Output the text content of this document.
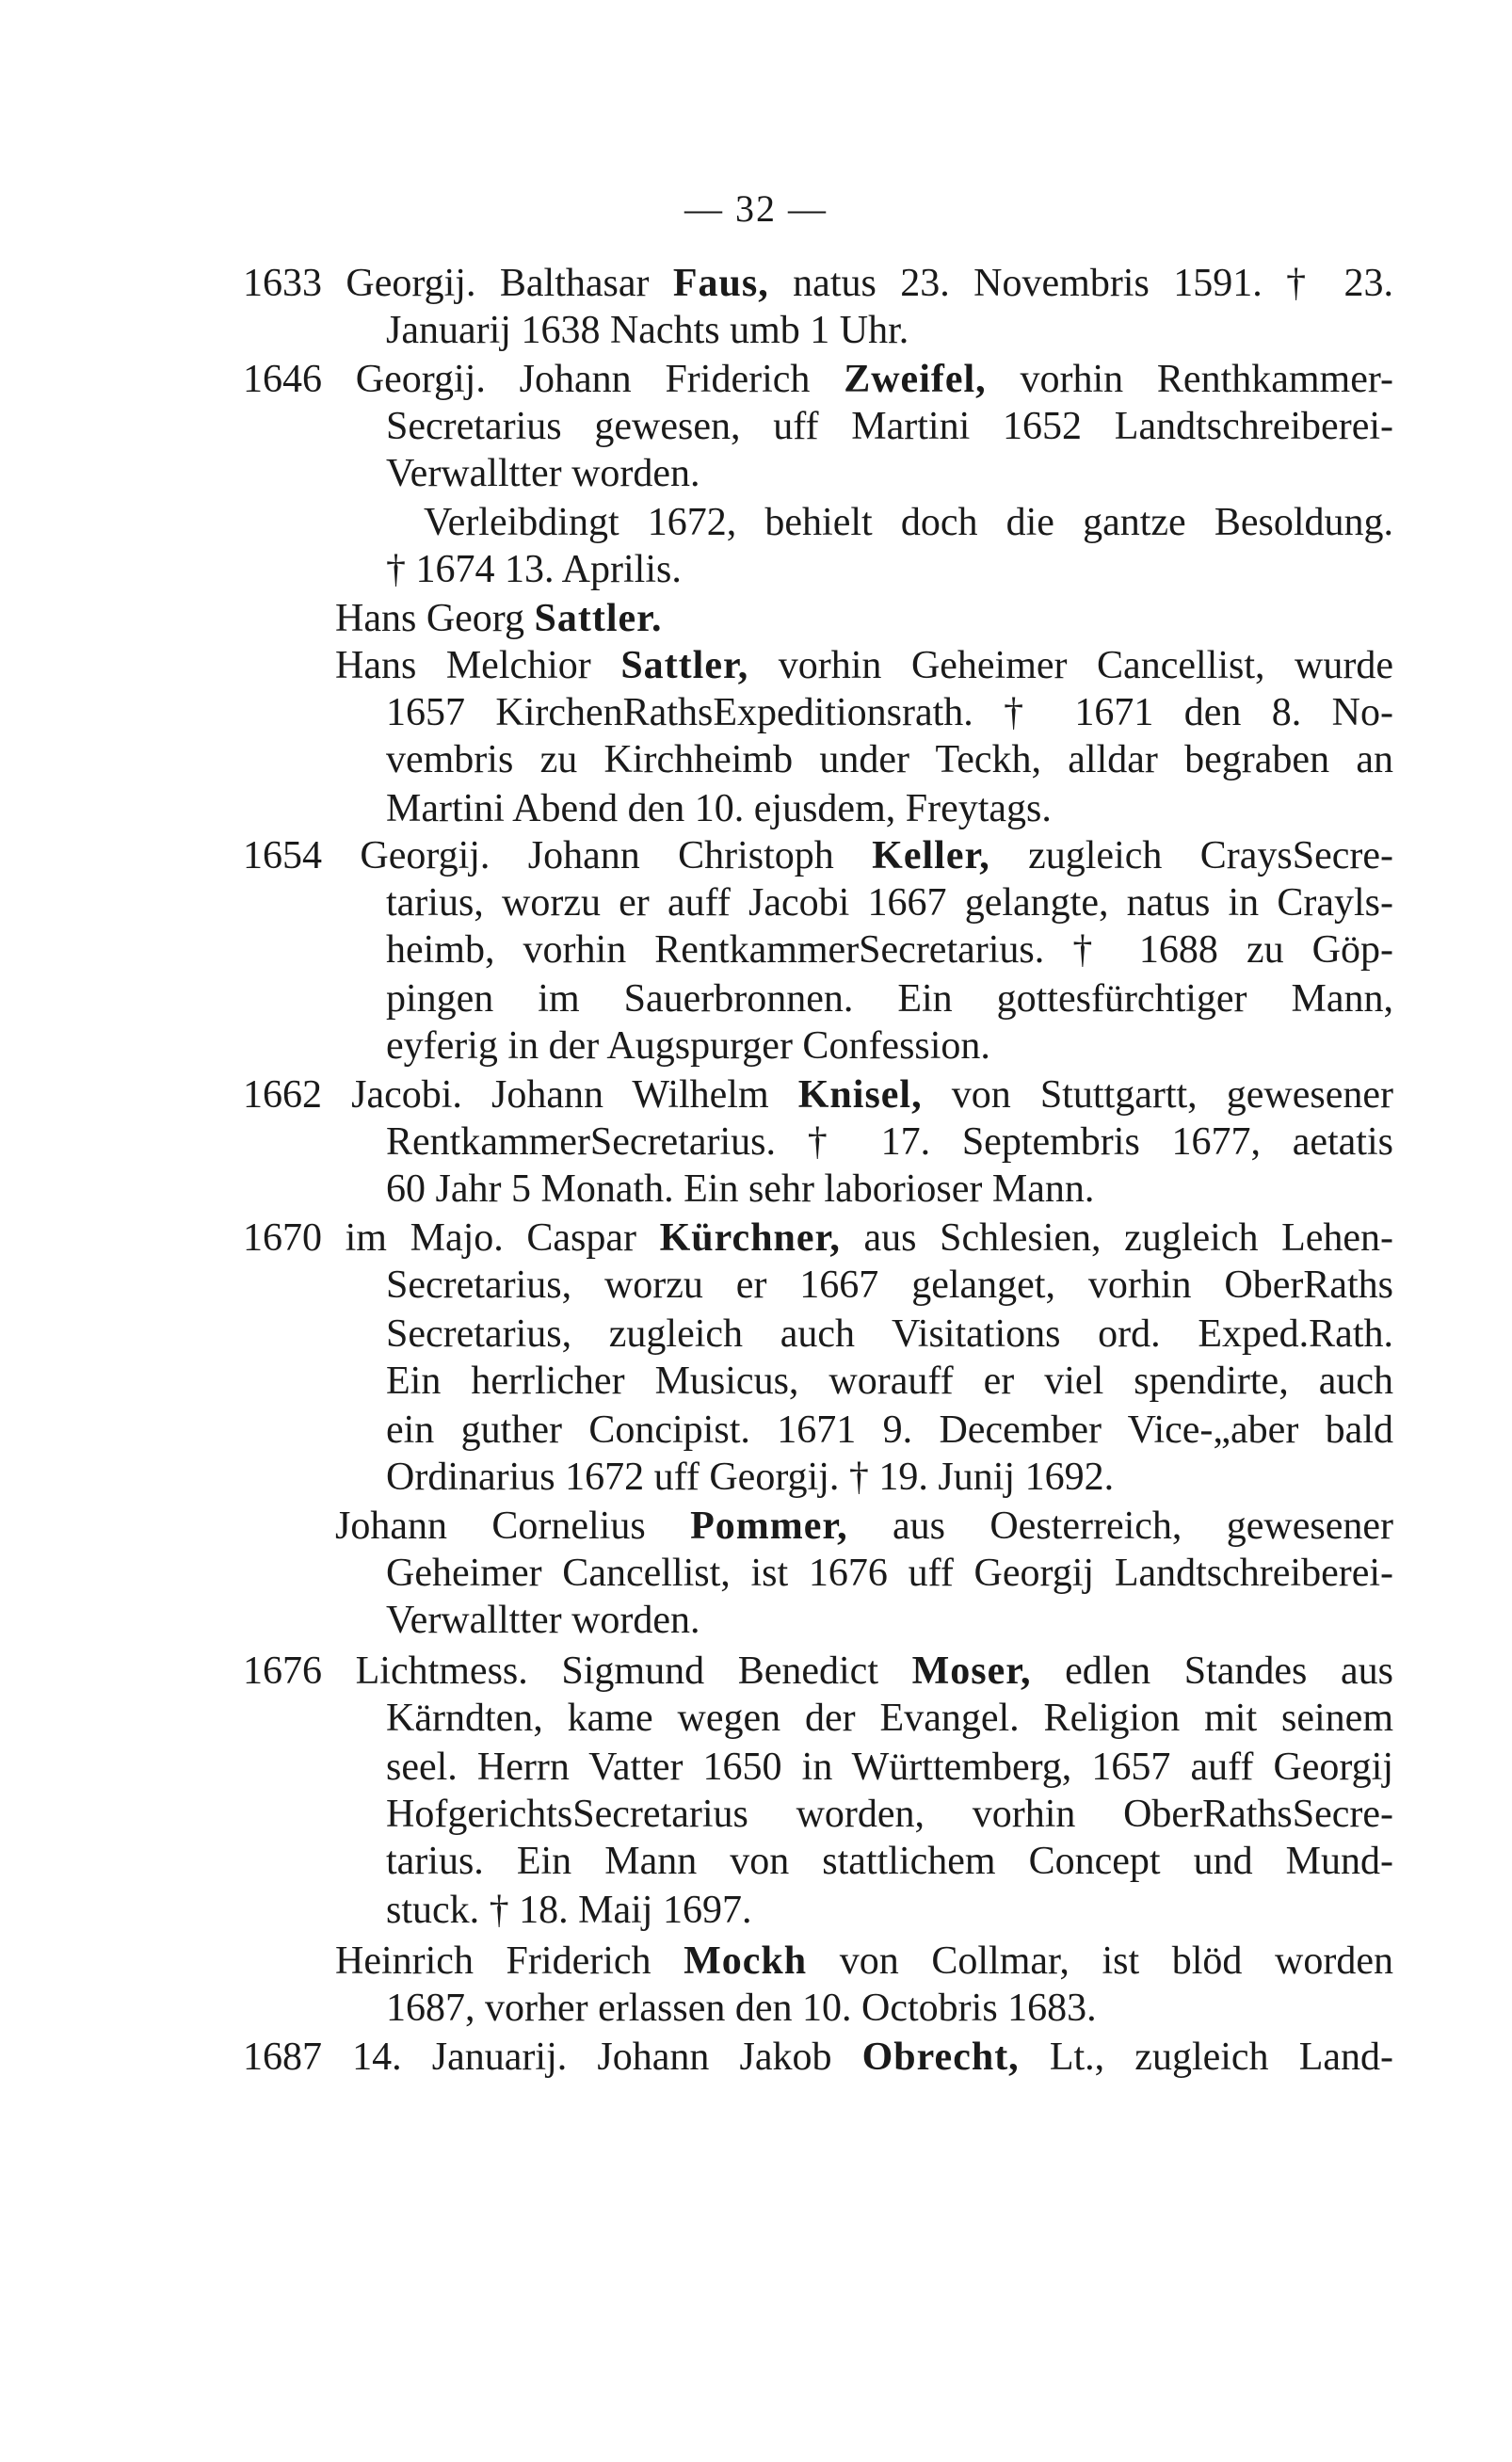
— 32 —
1633 Georgij. Balthasar Faus, natus 23. Novembris 1591. † 23.
Januarij 1638 Nachts umb 1 Uhr.
1646 Georgij. Johann Friderich Zweifel, vorhin Renthkammer-
Secretarius gewesen, uff Martini 1652 Landtschreiberei-
Verwalltter worden.
Verleibdingt 1672, behielt doch die gantze Besoldung.
† 1674 13. Aprilis.
Hans Georg Sattler.
Hans Melchior Sattler, vorhin Geheimer Cancellist, wurde
1657 KirchenRathsExpeditionsrath. † 1671 den 8. No-
vembris zu Kirchheimb under Teckh, alldar begraben an
Martini Abend den 10. ejusdem, Freytags.
1654 Georgij. Johann Christoph Keller, zugleich CraysSecre-
tarius, worzu er auff Jacobi 1667 gelangte, natus in Crayls-
heimb, vorhin RentkammerSecretarius. † 1688 zu Göp-
pingen im Sauerbronnen. Ein gottesfürchtiger Mann,
eyferig in der Augspurger Confession.
1662 Jacobi. Johann Wilhelm Knisel, von Stuttgartt, gewesener
RentkammerSecretarius. † 17. Septembris 1677, aetatis
60 Jahr 5 Monath. Ein sehr laborioser Mann.
1670 im Majo. Caspar Kürchner, aus Schlesien, zugleich Lehen-
Secretarius, worzu er 1667 gelanget, vorhin OberRaths
Secretarius, zugleich auch Visitations ord. Exped.Rath.
Ein herrlicher Musicus, worauff er viel spendirte, auch
ein guther Concipist. 1671 9. December Vice-„aber bald
Ordinarius 1672 uff Georgij. † 19. Junij 1692.
Johann Cornelius Pommer, aus Oesterreich, gewesener
Geheimer Cancellist, ist 1676 uff Georgij Landtschreiberei-
Verwalltter worden.
1676 Lichtmess. Sigmund Benedict Moser, edlen Standes aus
Kärndten, kame wegen der Evangel. Religion mit seinem
seel. Herrn Vatter 1650 in Württemberg, 1657 auff Georgij
HofgerichtsSecretarius worden, vorhin OberRathsSecre-
tarius. Ein Mann von stattlichem Concept und Mund-
stuck. † 18. Maij 1697.
Heinrich Friderich Mockh von Collmar, ist blöd worden
1687, vorher erlassen den 10. Octobris 1683.
1687 14. Januarij. Johann Jakob Obrecht, Lt., zugleich Land-
